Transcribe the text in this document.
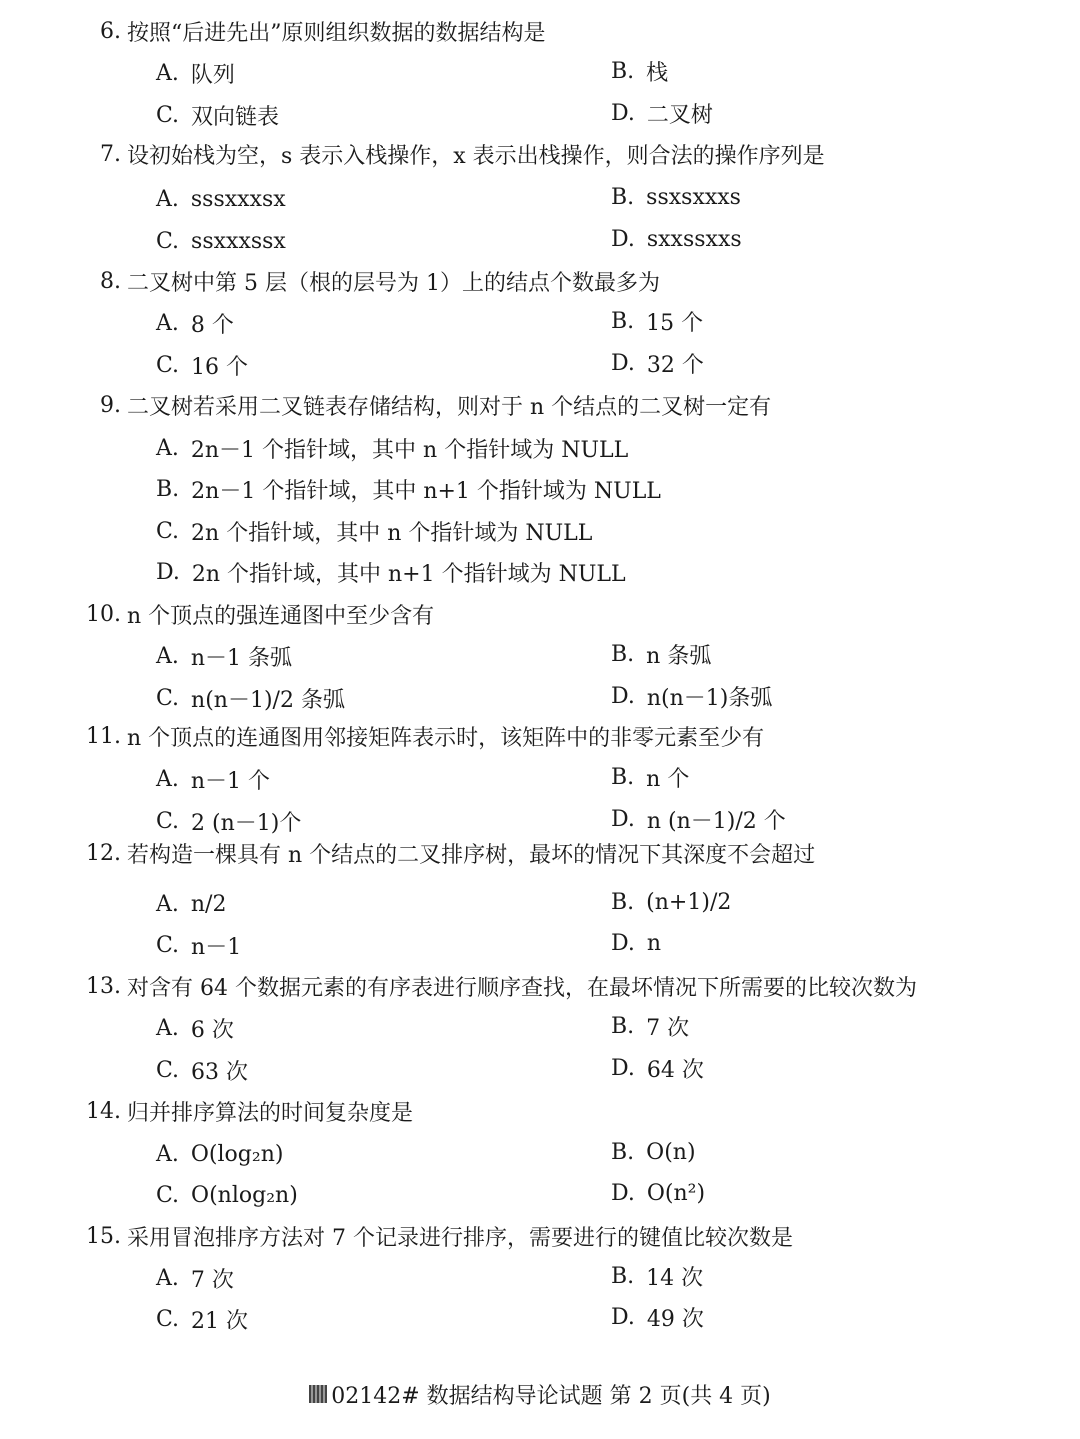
6. 按照“后进先出”原则组织数据的数据结构是
A. 队列	B. 栈
C. 双向链表	D. 二叉树
7. 设初始栈为空，s 表示入栈操作，x 表示出栈操作，则合法的操作序列是
A. sssxxxsx	B. ssxsxxxs
C. ssxxxssx	D. sxxssxxs
8. 二叉树中第 5 层（根的层号为 1）上的结点个数最多为
A. 8 个	B. 15 个
C. 16 个	D. 32 个
9. 二叉树若采用二叉链表存储结构，则对于 n 个结点的二叉树一定有
A. 2n－1 个指针域，其中 n 个指针域为 NULL
B. 2n－1 个指针域，其中 n+1 个指针域为 NULL
C. 2n 个指针域，其中 n 个指针域为 NULL
D. 2n 个指针域，其中 n+1 个指针域为 NULL
10. n 个顶点的强连通图中至少含有
A. n－1 条弧	B. n 条弧
C. n(n－1)/2 条弧	D. n(n－1)条弧
11. n 个顶点的连通图用邻接矩阵表示时，该矩阵中的非零元素至少有
A. n－1 个	B. n 个
C. 2 (n－1)个	D. n (n－1)/2 个
12. 若构造一棵具有 n 个结点的二叉排序树，最坏的情况下其深度不会超过
A. n/2	B. (n+1)/2
C. n－1	D. n
13. 对含有 64 个数据元素的有序表进行顺序查找，在最坏情况下所需要的比较次数为
A. 6 次	B. 7 次
C. 63 次	D. 64 次
14. 归并排序算法的时间复杂度是
A. O(log₂n)	B. O(n)
C. O(nlog₂n)	D. O(n²)
15. 采用冒泡排序方法对 7 个记录进行排序，需要进行的键值比较次数是
A. 7 次	B. 14 次
C. 21 次	D. 49 次
02142# 数据结构导论试题 第 2 页(共 4 页)
